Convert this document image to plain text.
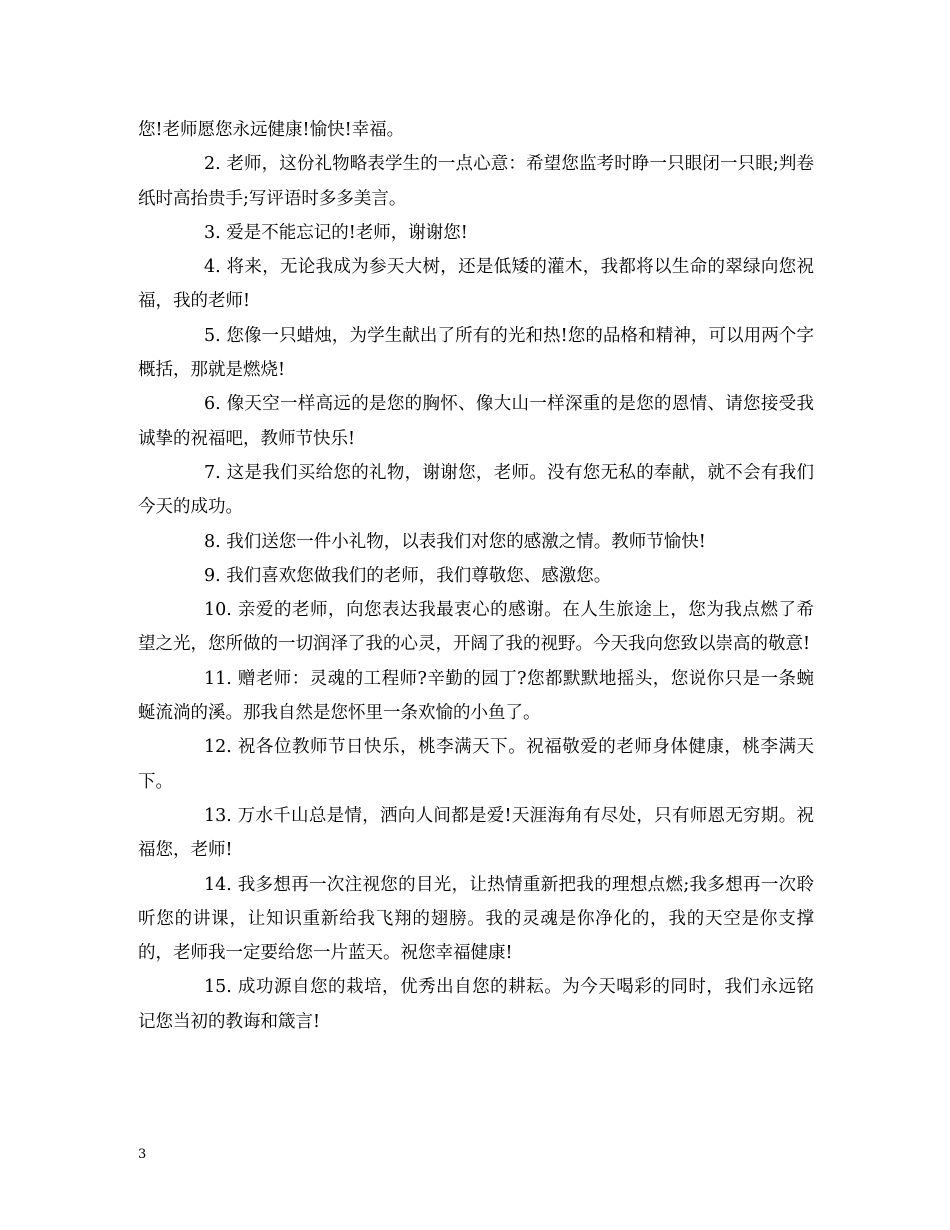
您!老师愿您永远健康!愉快!幸福。

2. 老师，这份礼物略表学生的一点心意：希望您监考时睁一只眼闭一只眼;判卷纸时高抬贵手;写评语时多多美言。

3. 爱是不能忘记的!老师，谢谢您!

4. 将来，无论我成为参天大树，还是低矮的灌木，我都将以生命的翠绿向您祝福，我的老师!

5. 您像一只蜡烛，为学生献出了所有的光和热!您的品格和精神，可以用两个字概括，那就是燃烧!

6. 像天空一样高远的是您的胸怀、像大山一样深重的是您的恩情、请您接受我诚挚的祝福吧，教师节快乐!

7. 这是我们买给您的礼物，谢谢您，老师。没有您无私的奉献，就不会有我们今天的成功。

8. 我们送您一件小礼物，以表我们对您的感激之情。教师节愉快!

9. 我们喜欢您做我们的老师，我们尊敬您、感激您。

10. 亲爱的老师，向您表达我最衷心的感谢。在人生旅途上，您为我点燃了希望之光，您所做的一切润泽了我的心灵，开阔了我的视野。今天我向您致以崇高的敬意!

11. 赠老师：灵魂的工程师?辛勤的园丁?您都默默地摇头，您说你只是一条蜿蜒流淌的溪。那我自然是您怀里一条欢愉的小鱼了。

12. 祝各位教师节日快乐，桃李满天下。祝福敬爱的老师身体健康，桃李满天下。

13. 万水千山总是情，洒向人间都是爱!天涯海角有尽处，只有师恩无穷期。祝福您，老师!

14. 我多想再一次注视您的目光，让热情重新把我的理想点燃;我多想再一次聆听您的讲课，让知识重新给我飞翔的翅膀。我的灵魂是你净化的，我的天空是你支撑的，老师我一定要给您一片蓝天。祝您幸福健康!

15. 成功源自您的栽培，优秀出自您的耕耘。为今天喝彩的同时，我们永远铭记您当初的教诲和箴言!

3
